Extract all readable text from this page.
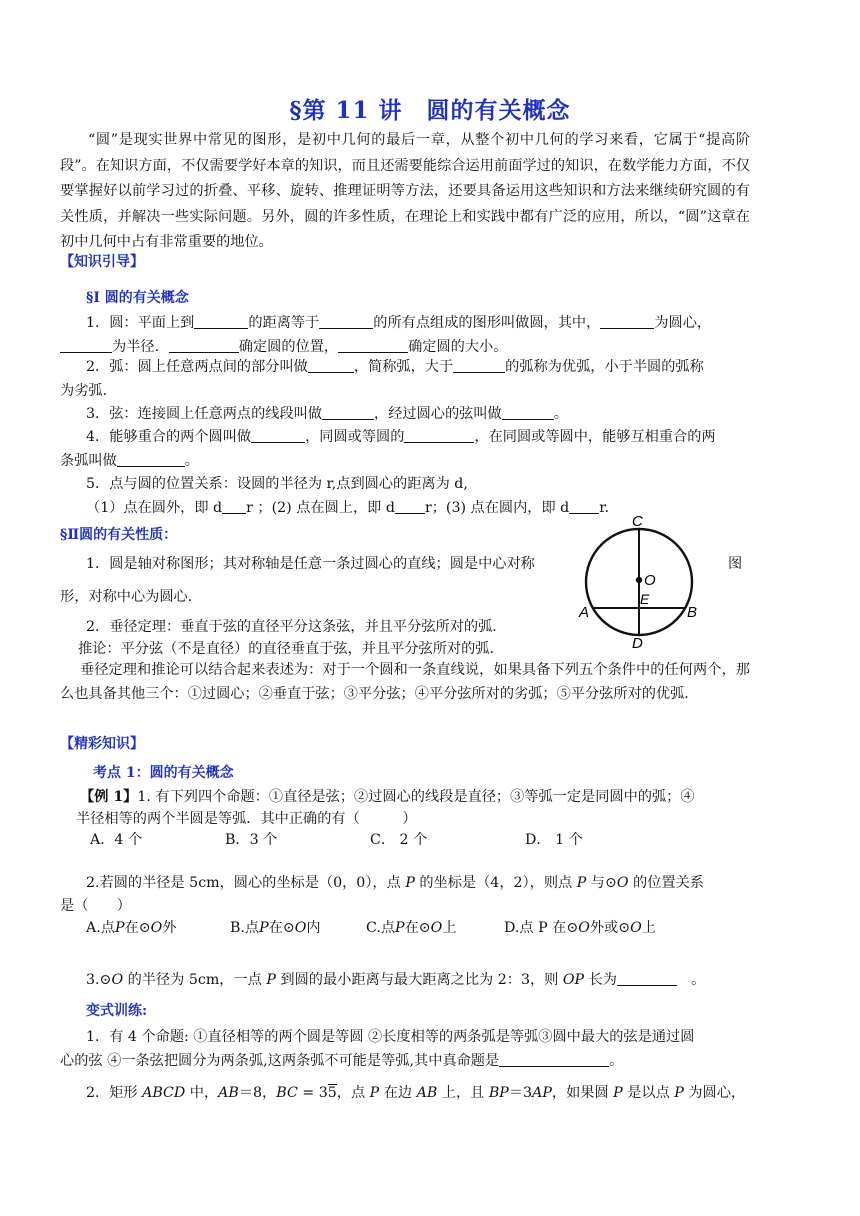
§第 11 讲　圆的有关概念
“圆”是现实世界中常见的图形，是初中几何的最后一章，从整个初中几何的学习来看，它属于“提高阶段”。在知识方面，不仅需要学好本章的知识，而且还需要能综合运用前面学过的知识，在数学能力方面，不仅要掌握好以前学习过的折叠、平移、旋转、推理证明等方法，还要具备运用这些知识和方法来继续研究圆的有关性质，并解决一些实际问题。另外，圆的许多性质，在理论上和实践中都有广泛的应用，所以，“圆”这章在初中几何中占有非常重要的地位。
【知识引导】
§Ⅰ 圆的有关概念
1．圆：平面上到	的距离等于	的所有点组成的图形叫做圆，其中，	为圆心，
为半径．	确定圆的位置，	确定圆的大小。
2．弧：圆上任意两点间的部分叫做	，简称弧，大于	的弧称为优弧，小于半圆的弧称
为劣弧．
3．弦：连接圆上任意两点的线段叫做	，经过圆心的弦叫做	。
4．能够重合的两个圆叫做	，同圆或等圆的	，在同圆或等圆中，能够互相重合的两
条弧叫做	。
5．点与圆的位置关系：设圆的半径为 r,点到圆心的距离为 d,
（1）点在圆外，即 d r ；(2) 点在圆上，即 d r；(3) 点在圆内，即 d r.
§Ⅱ圆的有关性质：
C
O
E
A	B
D
1．圆是轴对称图形；其对称轴是任意一条过圆心的直线；圆是中心对称	图
形，对称中心为圆心．
2．垂径定理：垂直于弦的直径平分这条弦，并且平分弦所对的弧．
推论：平分弦（不是直径）的直径垂直于弦，并且平分弦所对的弧．
垂径定理和推论可以结合起来表述为：对于一个圆和一条直线说，如果具备下列五个条件中的任何两个，那么也具备其他三个：①过圆心；②垂直于弦；③平分弦；④平分弦所对的劣弧；⑤平分弦所对的优弧．
【精彩知识】
考点 1：圆的有关概念
【例 1】1. 有下列四个命题：①直径是弦；②过圆心的线段是直径；③等弧一定是同圆中的弧；④
半径相等的两个半圆是等弧．其中正确的有（　　　）
A．4 个	B．3 个	C． 2 个	D． 1 个
2.若圆的半径是 5cm，圆心的坐标是（0，0），点 P 的坐标是（4，2），则点 P 与⊙O 的位置关系
是（　　）
A.点P在⊙O外	B.点P在⊙O内	C.点P在⊙O上	D.点 P 在⊙O外或⊙O上
3.⊙O 的半径为 5cm，一点 P 到圆的最小距离与最大距离之比为 2：3，则 OP 长为	　。
变式训练:
1．有 4 个命题: ①直径相等的两个圆是等圆 ②长度相等的两条弧是等弧③圆中最大的弦是通过圆
心的弦 ④一条弦把圆分为两条弧,这两条弧不可能是等弧,其中真命题是	。
2．矩形 ABCD 中，AB＝8，BC = 35，点 P 在边 AB 上，且 BP＝3AP，如果圆 P 是以点 P 为圆心，
